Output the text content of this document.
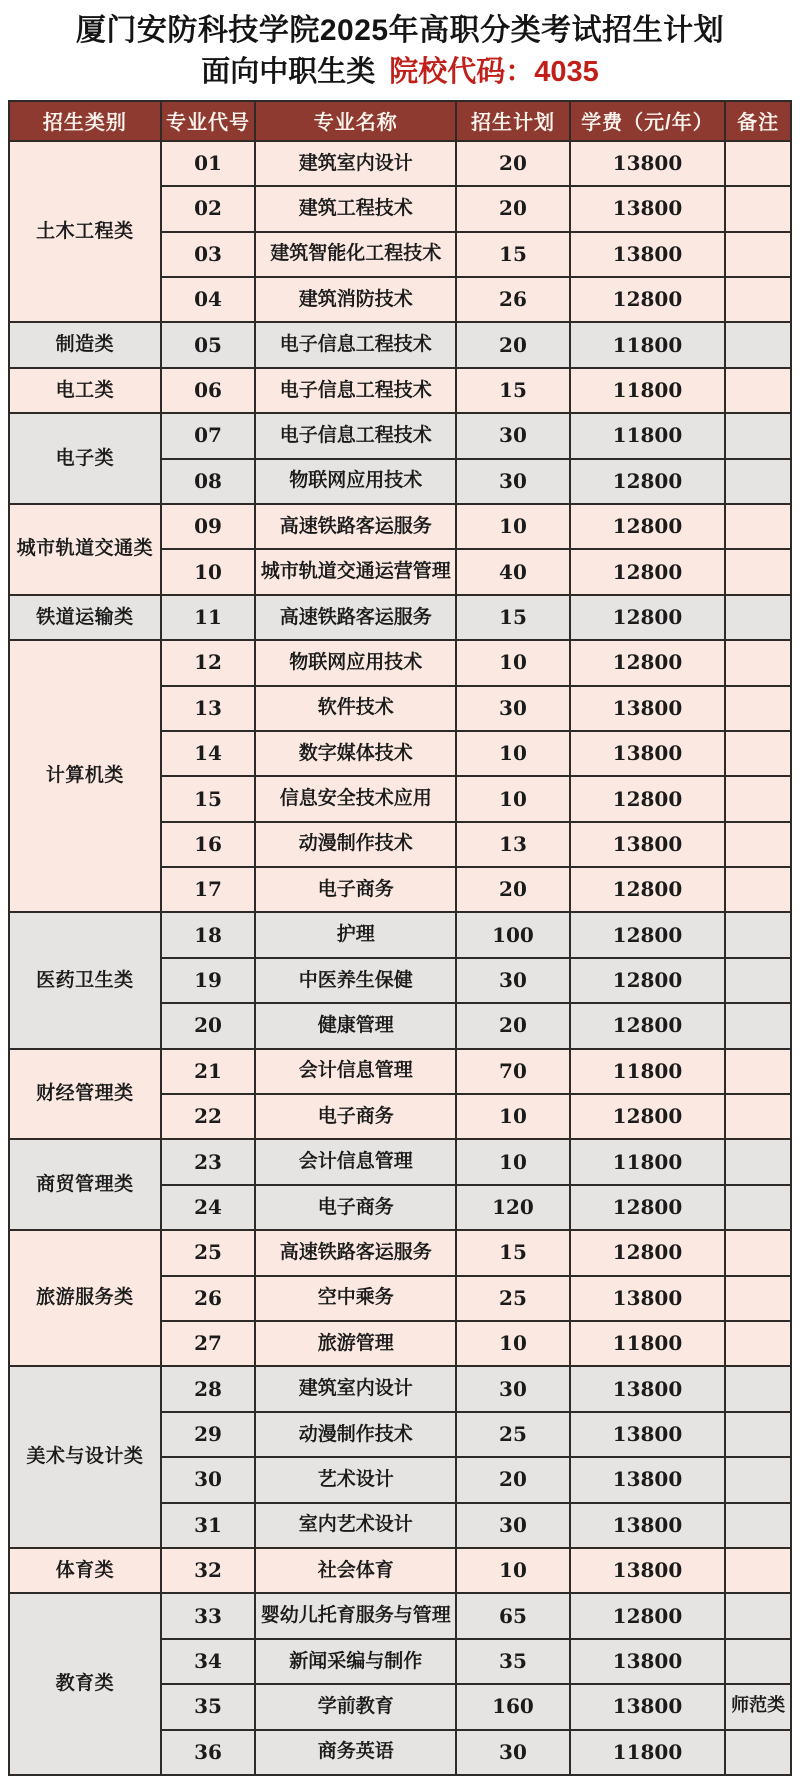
厦门安防科技学院2025年高职分类考试招生计划
面向中职生类 院校代码：4035
招生类别	专业代号	专业名称	招生计划	学费（元/年）	备注
土木工程类	01	建筑室内设计	20	13800	
	02	建筑工程技术	20	13800	
	03	建筑智能化工程技术	15	13800	
	04	建筑消防技术	26	12800	
制造类	05	电子信息工程技术	20	11800	
电工类	06	电子信息工程技术	15	11800	
电子类	07	电子信息工程技术	30	11800	
	08	物联网应用技术	30	12800	
城市轨道交通类	09	高速铁路客运服务	10	12800	
	10	城市轨道交通运营管理	40	12800	
铁道运输类	11	高速铁路客运服务	15	12800	
计算机类	12	物联网应用技术	10	12800	
	13	软件技术	30	13800	
	14	数字媒体技术	10	13800	
	15	信息安全技术应用	10	12800	
	16	动漫制作技术	13	13800	
	17	电子商务	20	12800	
医药卫生类	18	护理	100	12800	
	19	中医养生保健	30	12800	
	20	健康管理	20	12800	
财经管理类	21	会计信息管理	70	11800	
	22	电子商务	10	12800	
商贸管理类	23	会计信息管理	10	11800	
	24	电子商务	120	12800	
旅游服务类	25	高速铁路客运服务	15	12800	
	26	空中乘务	25	13800	
	27	旅游管理	10	11800	
美术与设计类	28	建筑室内设计	30	13800	
	29	动漫制作技术	25	13800	
	30	艺术设计	20	13800	
	31	室内艺术设计	30	13800	
体育类	32	社会体育	10	13800	
教育类	33	婴幼儿托育服务与管理	65	12800	
	34	新闻采编与制作	35	13800	
	35	学前教育	160	13800	师范类
	36	商务英语	30	11800	
